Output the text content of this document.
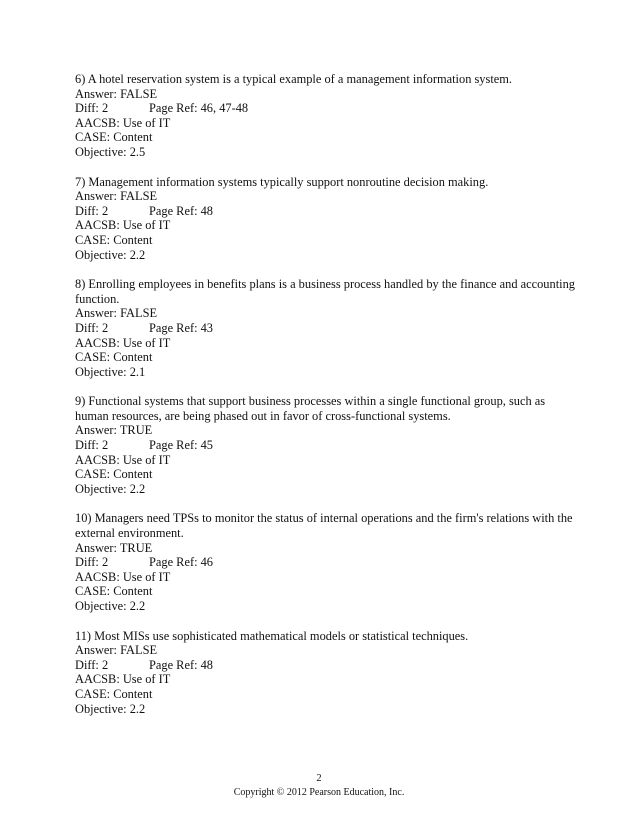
6) A hotel reservation system is a typical example of a management information system.
Answer: FALSE
Diff: 2	Page Ref: 46, 47-48
AACSB: Use of IT
CASE: Content
Objective: 2.5
7) Management information systems typically support nonroutine decision making.
Answer: FALSE
Diff: 2	Page Ref: 48
AACSB: Use of IT
CASE: Content
Objective: 2.2
8) Enrolling employees in benefits plans is a business process handled by the finance and accounting function.
Answer: FALSE
Diff: 2	Page Ref: 43
AACSB: Use of IT
CASE: Content
Objective: 2.1
9) Functional systems that support business processes within a single functional group, such as human resources, are being phased out in favor of cross-functional systems.
Answer: TRUE
Diff: 2	Page Ref: 45
AACSB: Use of IT
CASE: Content
Objective: 2.2
10) Managers need TPSs to monitor the status of internal operations and the firm's relations with the external environment.
Answer: TRUE
Diff: 2	Page Ref: 46
AACSB: Use of IT
CASE: Content
Objective: 2.2
11) Most MISs use sophisticated mathematical models or statistical techniques.
Answer: FALSE
Diff: 2	Page Ref: 48
AACSB: Use of IT
CASE: Content
Objective: 2.2
2
Copyright © 2012 Pearson Education, Inc.
